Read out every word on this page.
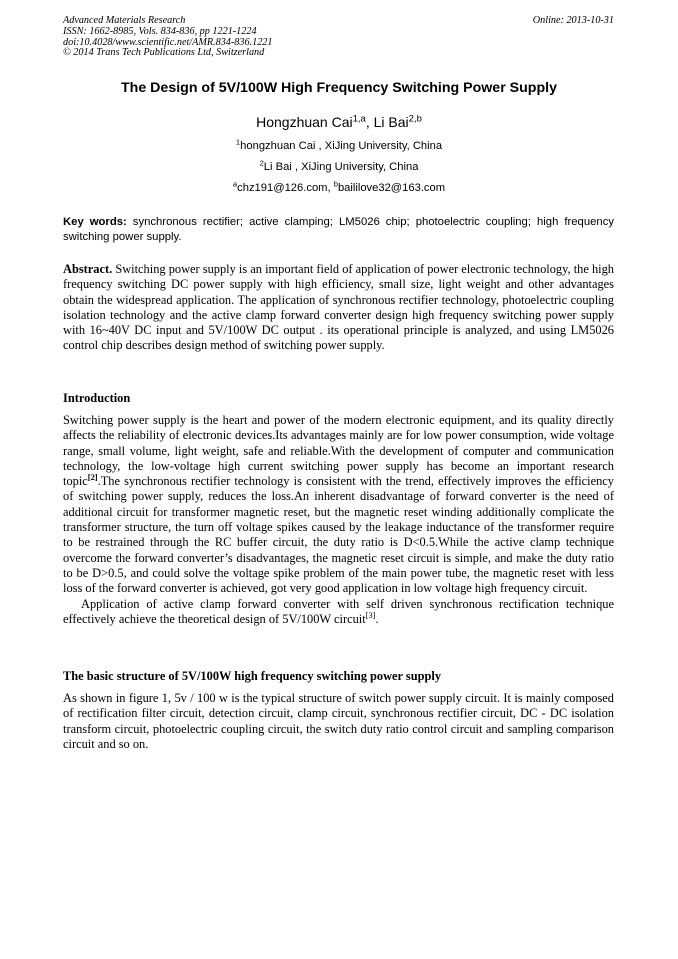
Advanced Materials Research
ISSN: 1662-8985, Vols. 834-836, pp 1221-1224
doi:10.4028/www.scientific.net/AMR.834-836.1221
© 2014 Trans Tech Publications Ltd, Switzerland
Online: 2013-10-31
The Design of 5V/100W High Frequency Switching Power Supply
Hongzhuan Cai$^{1,a}$, Li Bai$^{2,b}$
$^1$hongzhuan Cai , XiJing University, China
$^2$Li Bai , XiJing University, China
$^a$chz191@126.com, $^b$baililove32@163.com
Key words: synchronous rectifier; active clamping; LM5026 chip; photoelectric coupling; high frequency switching power supply.
Abstract. Switching power supply is an important field of application of power electronic technology, the high frequency switching DC power supply with high efficiency, small size, light weight and other advantages obtain the widespread application. The application of synchronous rectifier technology, photoelectric coupling isolation technology and the active clamp forward converter design high frequency switching power supply with 16~40V DC input and 5V/100W DC output . its operational principle is analyzed, and using LM5026 control chip describes design method of switching power supply.
Introduction

Switching power supply is the heart and power of the modern electronic equipment, and its quality directly affects the reliability of electronic devices.Its advantages mainly are for low power consumption, wide voltage range, small volume, light weight, safe and reliable.With the development of computer and communication technology, the low-voltage high current switching power supply has become an important research topic[2].The synchronous rectifier technology is consistent with the trend, effectively improves the efficiency of switching power supply, reduces the loss.An inherent disadvantage of forward converter is the need of additional circuit for transformer magnetic reset, but the magnetic reset winding additionally complicate the transformer structure, the turn off voltage spikes caused by the leakage inductance of the transformer require to be restrained through the RC buffer circuit, the duty ratio is D<0.5.While the active clamp technique overcome the forward converter’s disadvantages, the magnetic reset circuit is simple, and make the duty ratio to be D>0.5, and could solve the voltage spike problem of the main power tube, the magnetic reset with less loss of the forward converter is achieved, got very good application in low voltage high frequency circuit.

Application of active clamp forward converter with self driven synchronous rectification technique effectively achieve the theoretical design of 5V/100W circuit[3].

The basic structure of 5V/100W high frequency switching power supply
As shown in figure 1, 5v / 100 w is the typical structure of switch power supply circuit. It is mainly composed of rectification filter circuit, detection circuit, clamp circuit, synchronous rectifier circuit, DC - DC isolation transform circuit, photoelectric coupling circuit, the switch duty ratio control circuit and sampling comparison circuit and so on.
